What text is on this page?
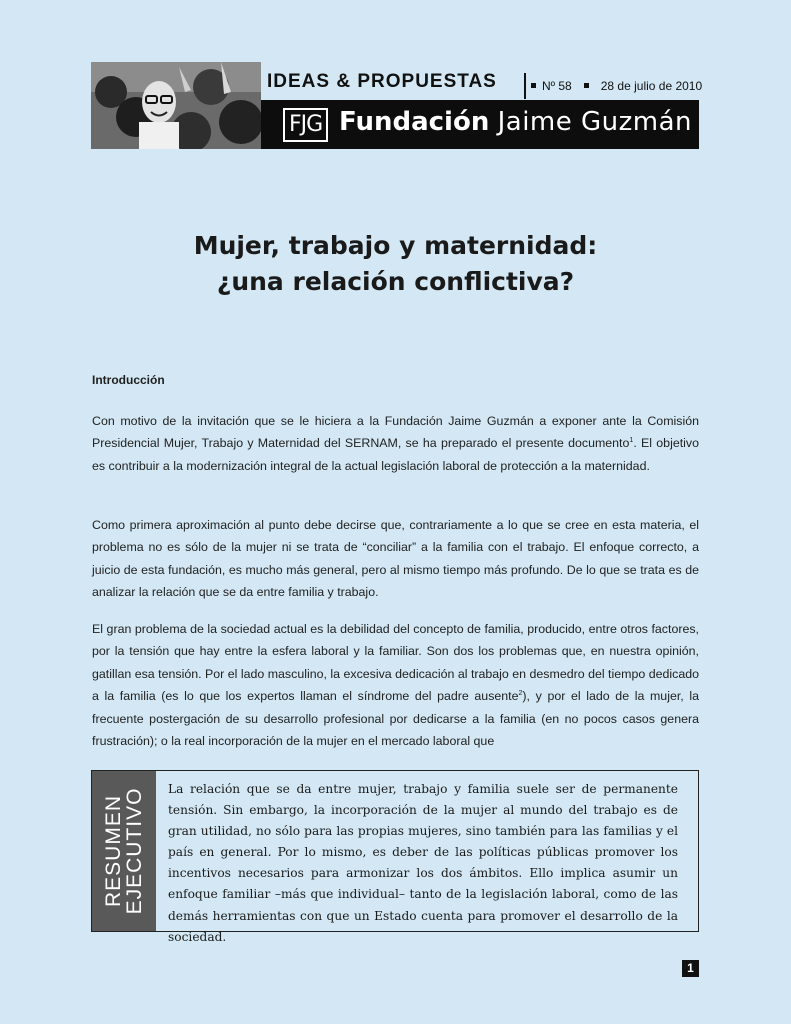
IDEAS & PROPUESTAS	Nº 58 28 de julio de 2010
FJG Fundación Jaime Guzmán
Mujer, trabajo y maternidad:
¿una relación conflictiva?
Introducción
Con motivo de la invitación que se le hiciera a la Fundación Jaime Guzmán a exponer ante la Comisión Presidencial Mujer, Trabajo y Maternidad del SERNAM, se ha preparado el presente documento$^1$. El objetivo es contribuir a la modernización integral de la actual legislación laboral de protección a la maternidad.
Como primera aproximación al punto debe decirse que, contrariamente a lo que se cree en esta materia, el problema no es sólo de la mujer ni se trata de “conciliar” a la familia con el trabajo. El enfoque correcto, a juicio de esta fundación, es mucho más general, pero al mismo tiempo más profundo. De lo que se trata es de analizar la relación que se da entre familia y trabajo.
El gran problema de la sociedad actual es la debilidad del concepto de familia, producido, entre otros factores, por la tensión que hay entre la esfera laboral y la familiar. Son dos los problemas que, en nuestra opinión, gatillan esa tensión. Por el lado masculino, la excesiva dedicación al trabajo en desmedro del tiempo dedicado a la familia (es lo que los expertos llaman el síndrome del padre ausente$^2$), y por el lado de la mujer, la frecuente postergación de su desarrollo profesional por dedicarse a la familia (en no pocos casos genera frustración); o la real incorporación de la mujer en el mercado laboral que
RESUMEN
EJECUTIVO La relación que se da entre mujer, trabajo y familia suele ser de permanente tensión. Sin embargo, la incorporación de la mujer al mundo del trabajo es de gran utilidad, no sólo para las propias mujeres, sino también para las familias y el país en general. Por lo mismo, es deber de las políticas públicas promover los incentivos necesarios para armonizar los dos ámbitos. Ello implica asumir un enfoque familiar –más que individual– tanto de la legislación laboral, como de las demás herramientas con que un Estado cuenta para promover el desarrollo de la sociedad.
1
